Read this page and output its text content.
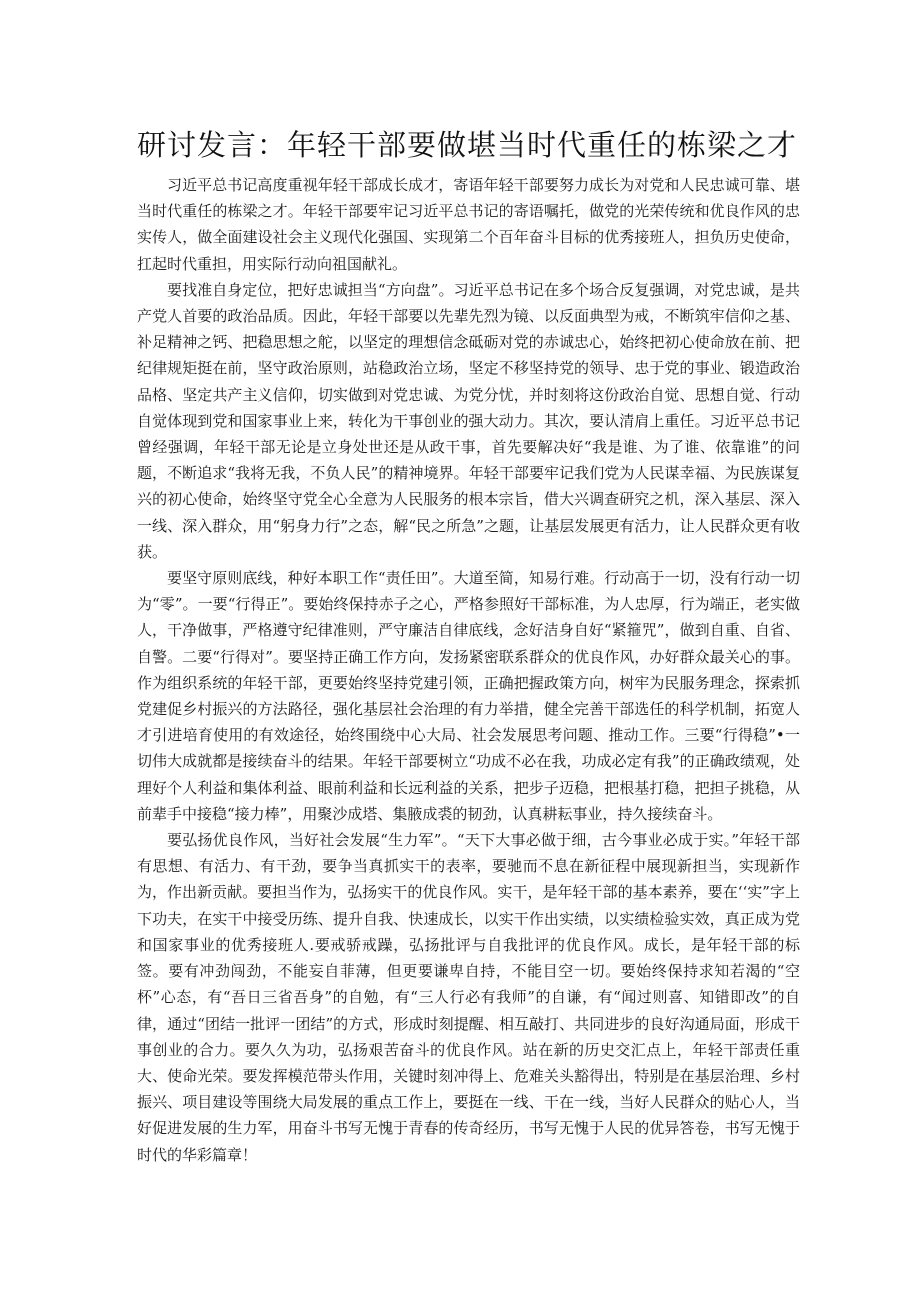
研讨发言：年轻干部要做堪当时代重任的栋梁之才

习近平总书记高度重视年轻干部成长成才，寄语年轻干部要努力成长为对党和人民忠诚可靠、堪当时代重任的栋梁之才。年轻干部要牢记习近平总书记的寄语嘱托，做党的光荣传统和优良作风的忠实传人，做全面建设社会主义现代化强国、实现第二个百年奋斗目标的优秀接班人，担负历史使命，扛起时代重担，用实际行动向祖国献礼。

要找准自身定位，把好忠诚担当“方向盘”。习近平总书记在多个场合反复强调，对党忠诚，是共产党人首要的政治品质。因此，年轻干部要以先辈先烈为镜、以反面典型为戒，不断筑牢信仰之基、补足精神之钙、把稳思想之舵，以坚定的理想信念砥砺对党的赤诚忠心，始终把初心使命放在前、把纪律规矩挺在前，坚守政治原则，站稳政治立场，坚定不移坚持党的领导、忠于党的事业、锻造政治品格、坚定共产主义信仰，切实做到对党忠诚、为党分忧，并时刻将这份政治自觉、思想自觉、行动自觉体现到党和国家事业上来，转化为干事创业的强大动力。其次，要认清肩上重任。习近平总书记曾经强调，年轻干部无论是立身处世还是从政干事，首先要解决好“我是谁、为了谁、依靠谁”的问题，不断追求“我将无我，不负人民”的精神境界。年轻干部要牢记我们党为人民谋幸福、为民族谋复兴的初心使命，始终坚守党全心全意为人民服务的根本宗旨，借大兴调查研究之机，深入基层、深入一线、深入群众，用“躬身力行”之态，解“民之所急”之题，让基层发展更有活力，让人民群众更有收获。

要坚守原则底线，种好本职工作“责任田”。大道至简，知易行难。行动高于一切，没有行动一切为“零”。一要“行得正”。要始终保持赤子之心，严格参照好干部标准，为人忠厚，行为端正，老实做人，干净做事，严格遵守纪律准则，严守廉洁自律底线，念好洁身自好“紧箍咒”，做到自重、自省、自警。二要“行得对”。要坚持正确工作方向，发扬紧密联系群众的优良作风，办好群众最关心的事。作为组织系统的年轻干部，更要始终坚持党建引领，正确把握政策方向，树牢为民服务理念，探索抓党建促乡村振兴的方法路径，强化基层社会治理的有力举措，健全完善干部选任的科学机制，拓宽人才引进培育使用的有效途径，始终围绕中心大局、社会发展思考问题、推动工作。三要“行得稳”•一切伟大成就都是接续奋斗的结果。年轻干部要树立“功成不必在我，功成必定有我”的正确政绩观，处理好个人利益和集体利益、眼前利益和长远利益的关系，把步子迈稳，把根基打稳，把担子挑稳，从前辈手中接稳“接力棒”，用聚沙成塔、集腋成裘的韧劲，认真耕耘事业，持久接续奋斗。

要弘扬优良作风，当好社会发展“生力军”。“天下大事必做于细，古今事业必成于实。”年轻干部有思想、有活力、有干劲，要争当真抓实干的表率，要驰而不息在新征程中展现新担当，实现新作为，作出新贡献。要担当作为，弘扬实干的优良作风。实干，是年轻干部的基本素养，要在‘‘实”字上下功夫，在实干中接受历练、提升自我、快速成长，以实干作出实绩，以实绩检验实效，真正成为党和国家事业的优秀接班人.要戒骄戒躁，弘扬批评与自我批评的优良作风。成长，是年轻干部的标签。要有冲劲闯劲，不能妄自菲薄，但更要谦卑自持，不能目空一切。要始终保持求知若渴的“空杯”心态，有“吾日三省吾身”的自勉，有“三人行必有我师”的自谦，有“闻过则喜、知错即改”的自律，通过“团结一批评一团结”的方式，形成时刻提醒、相互敲打、共同进步的良好沟通局面，形成干事创业的合力。要久久为功，弘扬艰苦奋斗的优良作风。站在新的历史交汇点上，年轻干部责任重大、使命光荣。要发挥模范带头作用，关键时刻冲得上、危难关头豁得出，特别是在基层治理、乡村振兴、项目建设等围绕大局发展的重点工作上，要挺在一线、干在一线，当好人民群众的贴心人，当好促进发展的生力军，用奋斗书写无愧于青春的传奇经历，书写无愧于人民的优异答卷，书写无愧于时代的华彩篇章！
